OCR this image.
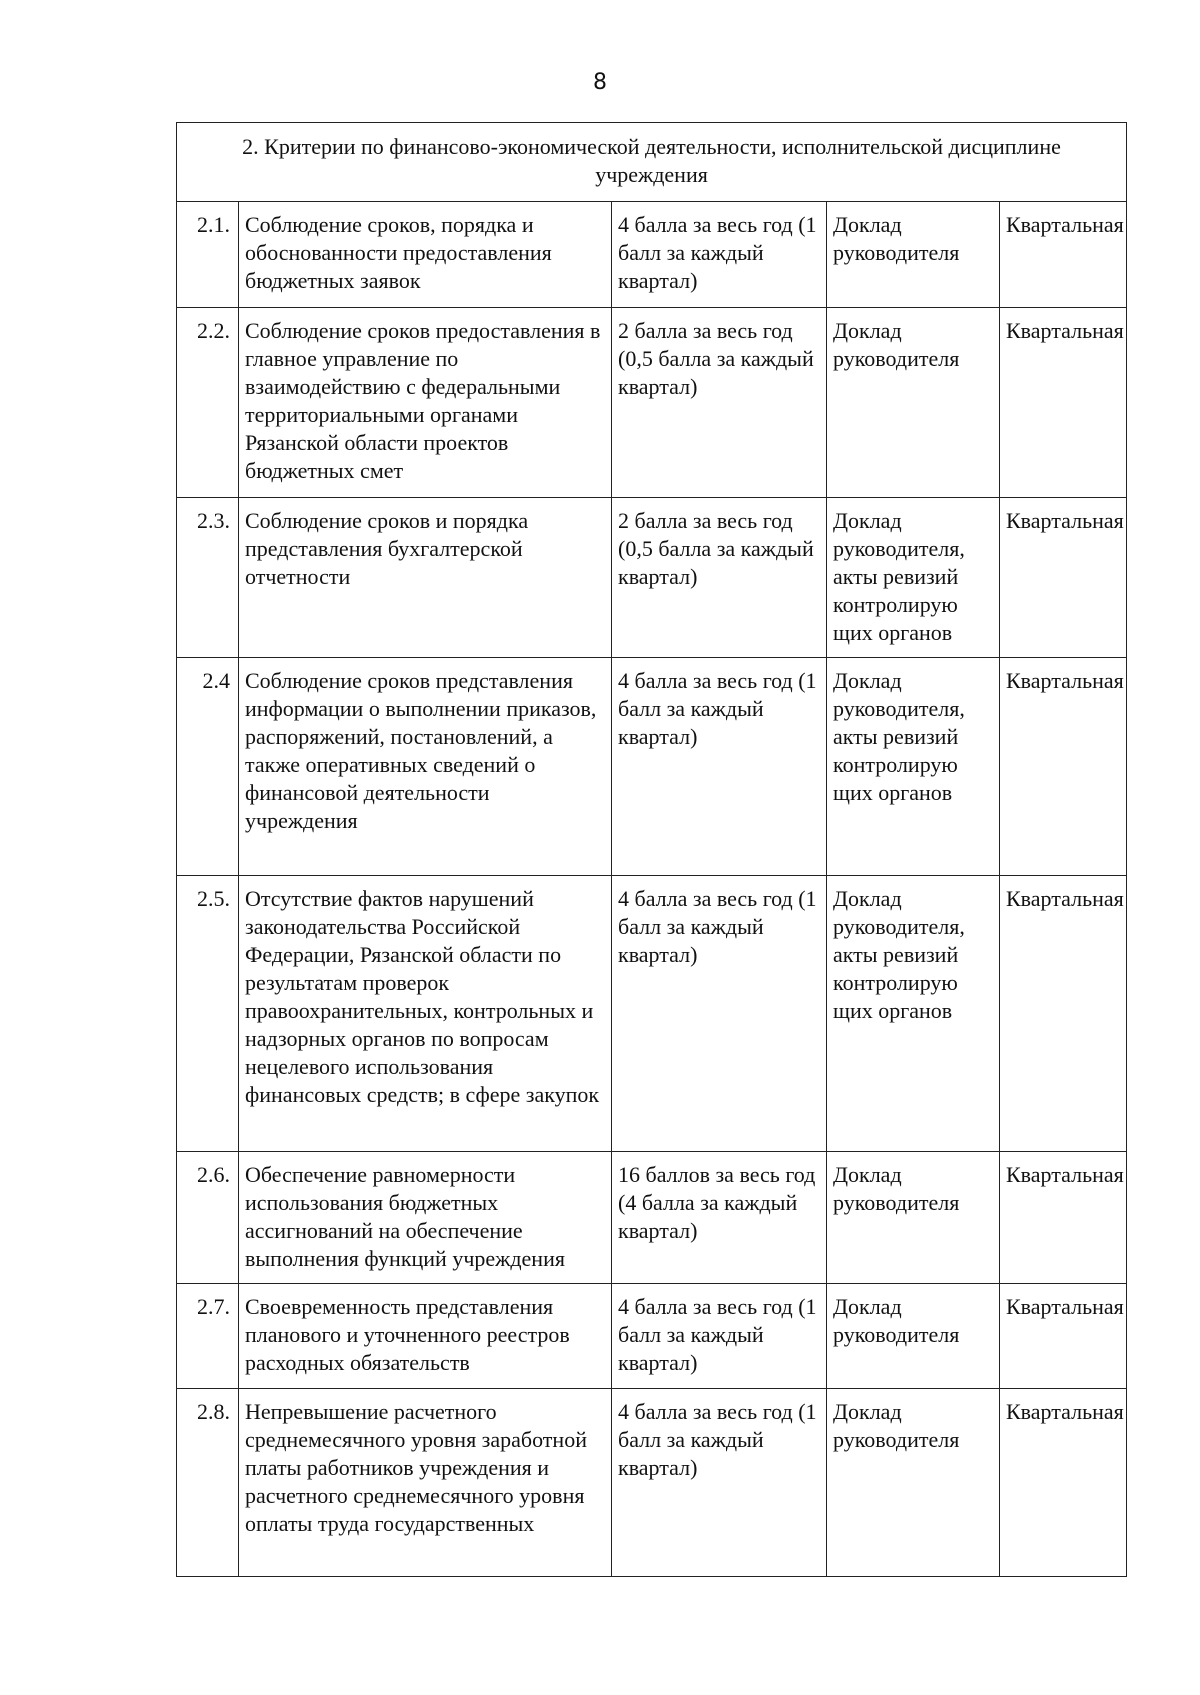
8
2. Критерии по финансово-экономической деятельности, исполнительской дисциплине учреждения				
2.1.	Соблюдение сроков, порядка и обоснованности предоставления бюджетных заявок	4 балла за весь год (1 балл за каждый квартал)	Доклад руководителя	Квартальная
2.2.	Соблюдение сроков предоставления в главное управление по взаимодействию с федеральными территориальными органами Рязанской области проектов бюджетных смет	2 балла за весь год (0,5 балла за каждый квартал)	Доклад руководителя	Квартальная
2.3.	Соблюдение сроков и порядка представления бухгалтерской отчетности	2 балла за весь год (0,5 балла за каждый квартал)	Доклад руководителя, акты ревизий контролирую щих органов	Квартальная
2.4	Соблюдение сроков представления информации о выполнении приказов, распоряжений, постановлений, а также оперативных сведений о финансовой деятельности учреждения	4 балла за весь год (1 балл за каждый квартал)	Доклад руководителя, акты ревизий контролирую щих органов	Квартальная
2.5.	Отсутствие фактов нарушений законодательства Российской Федерации, Рязанской области по результатам проверок правоохранительных, контрольных и надзорных органов по вопросам нецелевого использования финансовых средств; в сфере закупок	4 балла за весь год (1 балл за каждый квартал)	Доклад руководителя, акты ревизий контролирую щих органов	Квартальная
2.6.	Обеспечение равномерности использования бюджетных ассигнований на обеспечение выполнения функций учреждения	16 баллов за весь год (4 балла за каждый квартал)	Доклад руководителя	Квартальная
2.7.	Своевременность представления планового и уточненного реестров расходных обязательств	4 балла за весь год (1 балл за каждый квартал)	Доклад руководителя	Квартальная
2.8.	Непревышение расчетного среднемесячного уровня заработной платы работников учреждения и расчетного среднемесячного уровня оплаты труда государственных	4 балла за весь год (1 балл за каждый квартал)	Доклад руководителя	Квартальная
